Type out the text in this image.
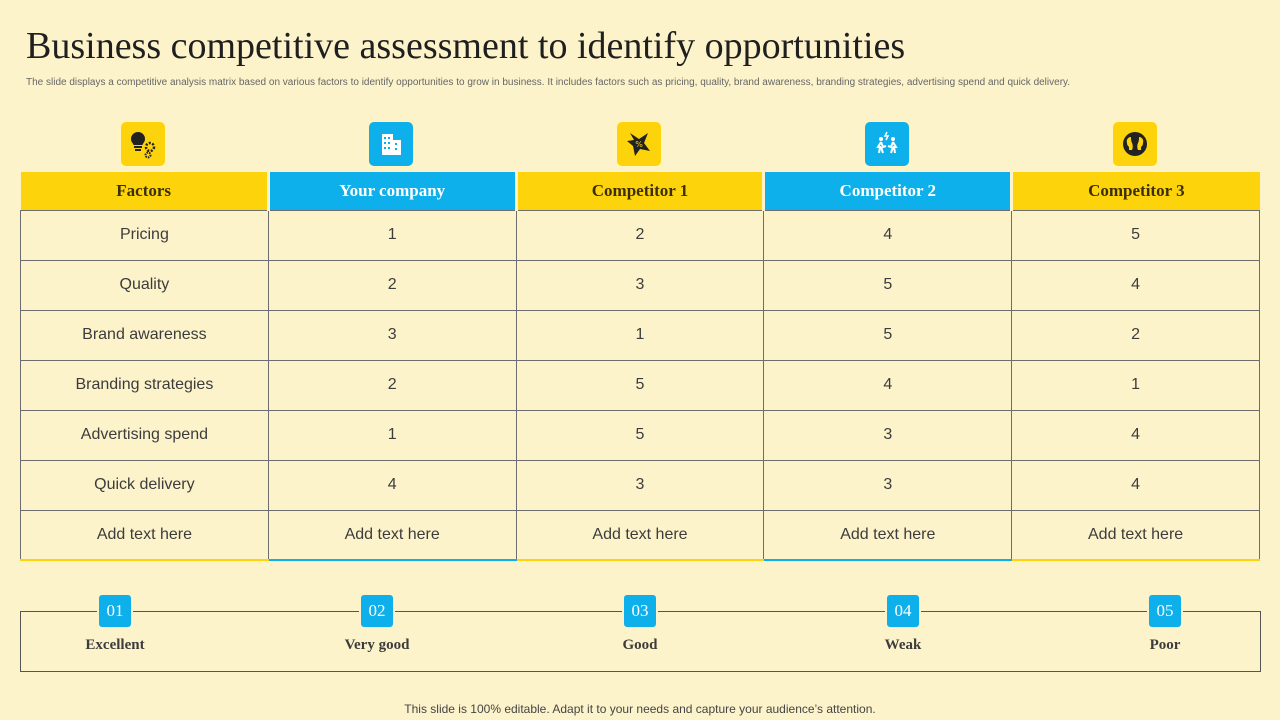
Business competitive assessment to identify opportunities
The slide displays a competitive analysis matrix based on various factors to identify opportunities to grow in business. It includes factors such as pricing, quality, brand awareness, branding strategies, advertising spend and quick delivery.
%
Factors	Your company	Competitor 1	Competitor 2	Competitor 3
Pricing	1	2	4	5
Quality	2	3	5	4
Brand awareness	3	1	5	2
Branding strategies	2	5	4	1
Advertising spend	1	5	3	4
Quick delivery	4	3	3	4
Add text here	Add text here	Add text here	Add text here	Add text here
01
Excellent
02
Very good
03
Good
04
Weak
05
Poor
This slide is 100% editable. Adapt it to your needs and capture your audience’s attention.
